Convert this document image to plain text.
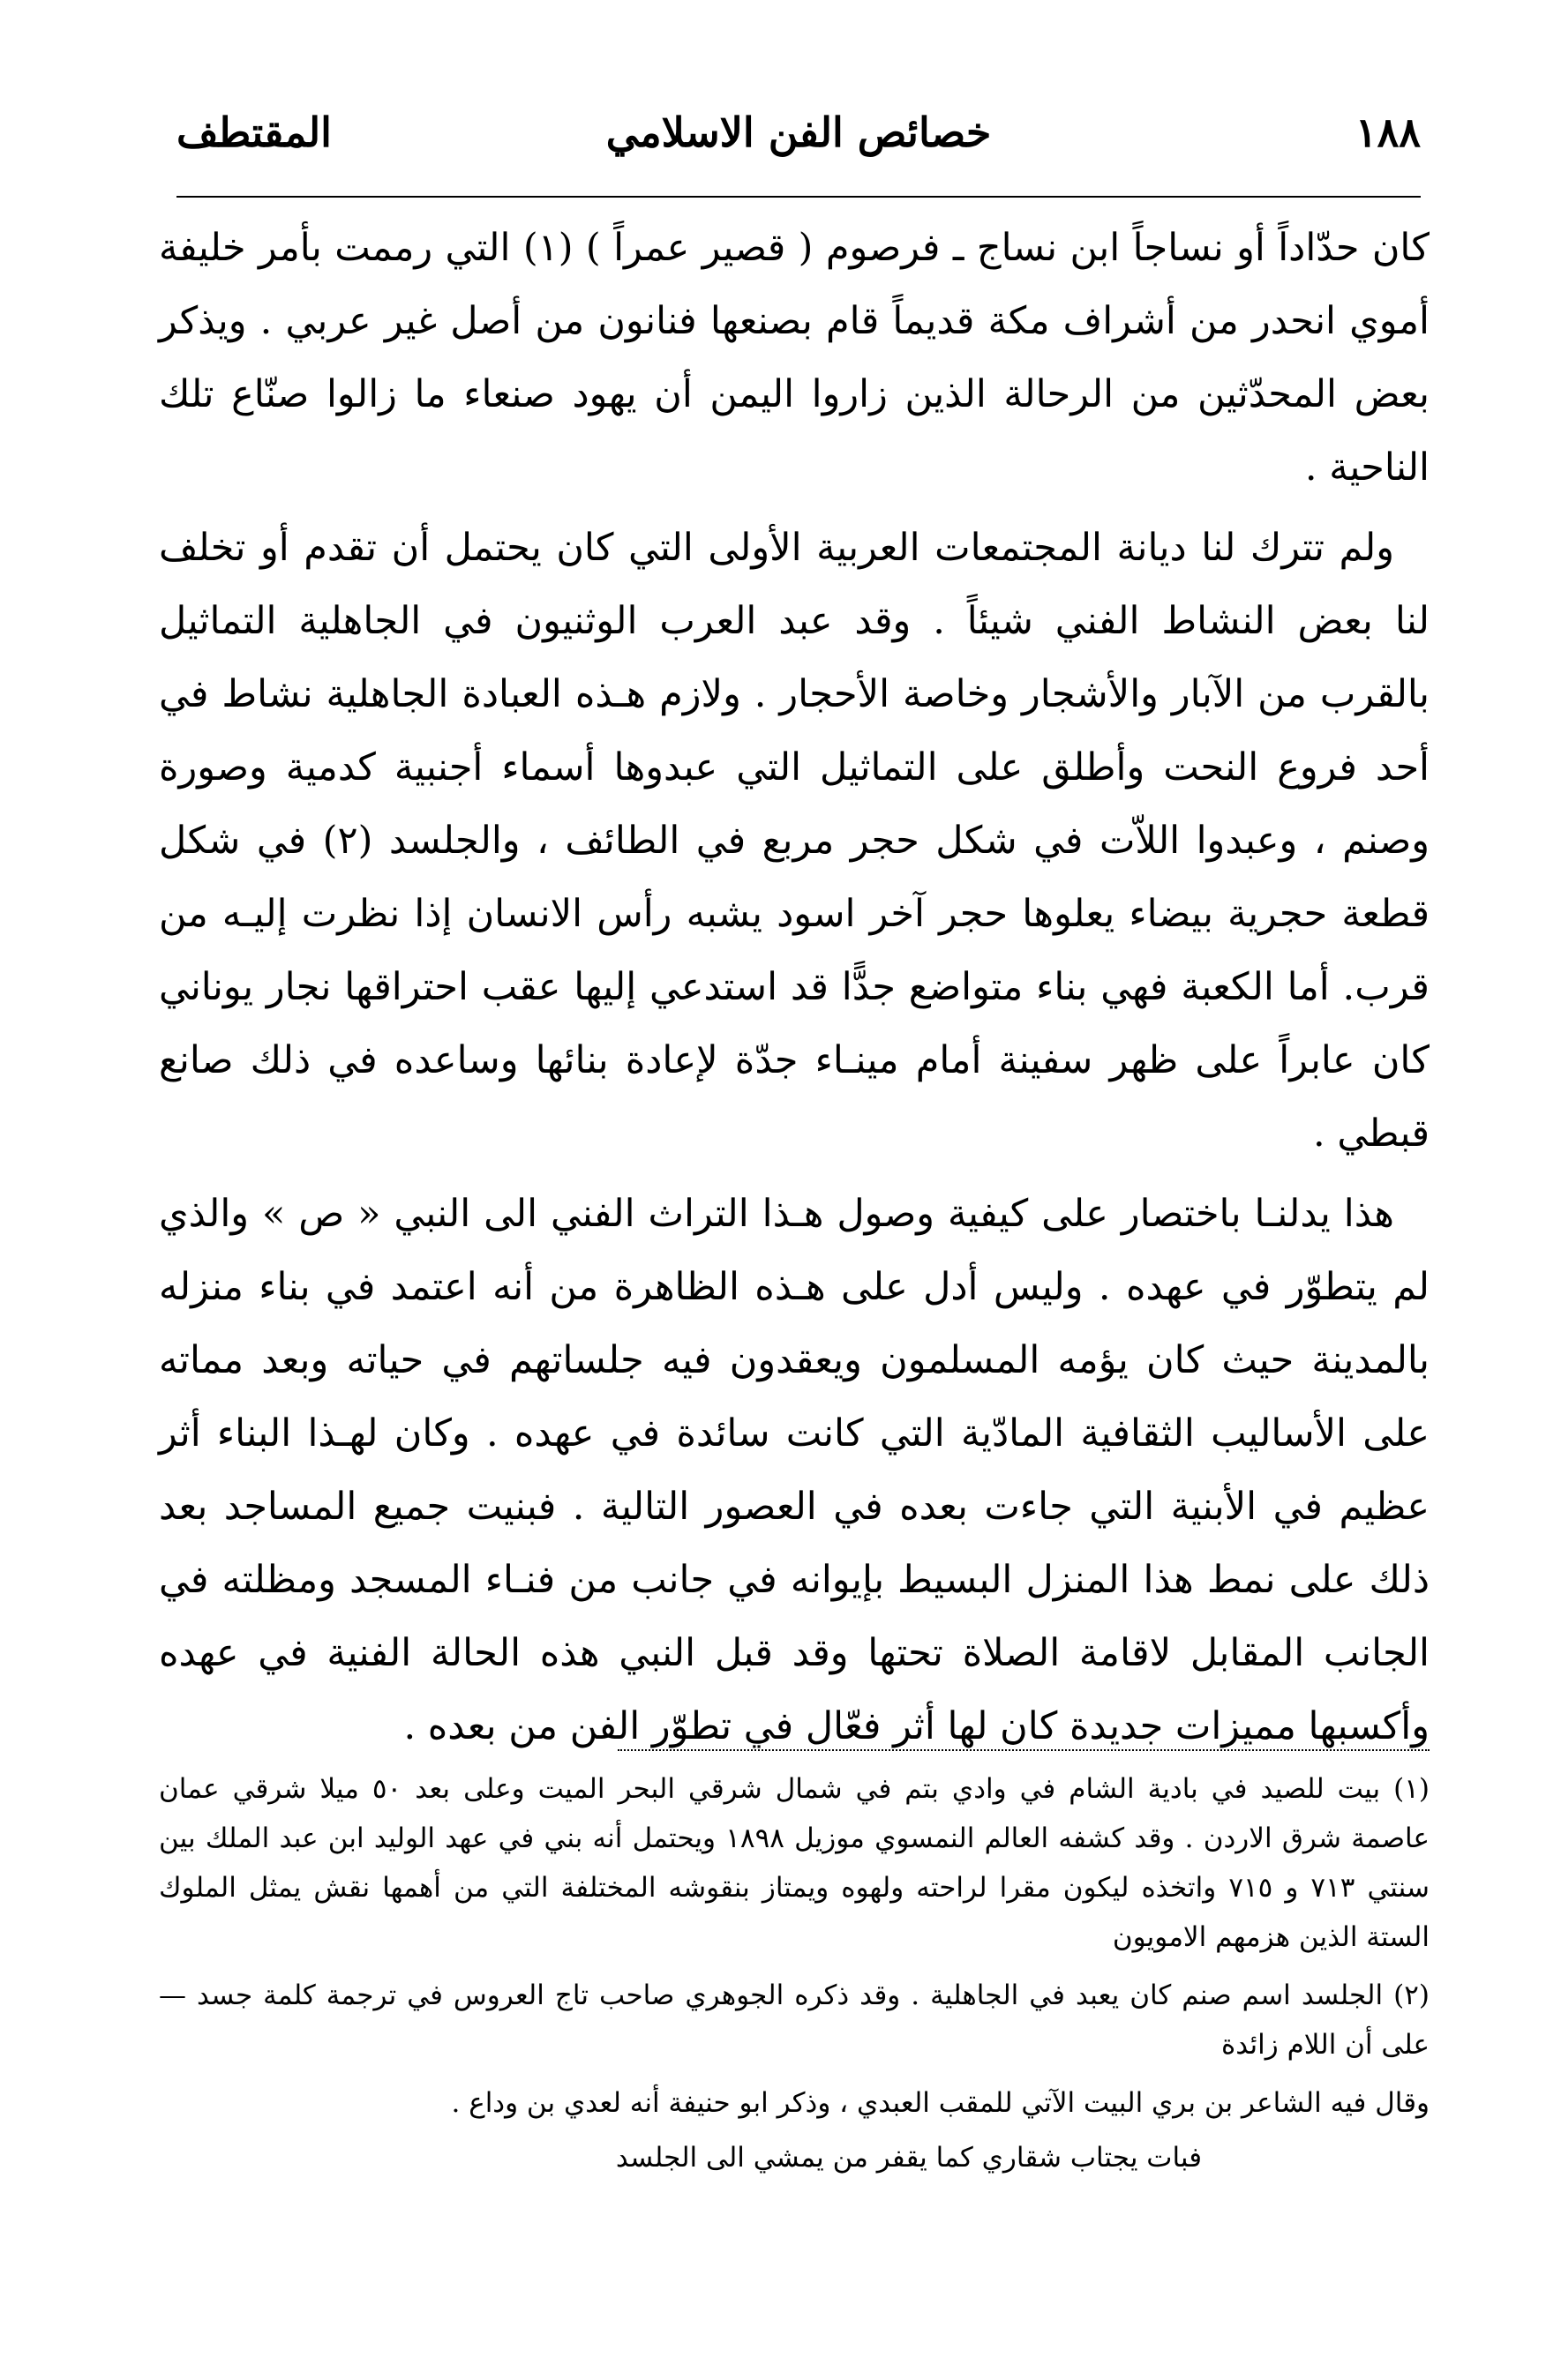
١٨٨
خصائص الفن الاسلامي
المقتطف

كان حدّاداً أو نساجاً ابن نساج ـ فرصوم ( قصير عمراً ) (١) التي رممت بأمر خليفة أموي انحدر من أشراف مكة قديماً قام بصنعها فنانون من أصل غير عربي . ويذكر بعض المحدّثين من الرحالة الذين زاروا اليمن أن يهود صنعاء ما زالوا صنّاع تلك الناحية .

ولم تترك لنا ديانة المجتمعات العربية الأولى التي كان يحتمل أن تقدم أو تخلف لنا بعض النشاط الفني شيئاً . وقد عبد العرب الوثنيون في الجاهلية التماثيل بالقرب من الآبار والأشجار وخاصة الأحجار . ولازم هـذه العبادة الجاهلية نشاط في أحد فروع النحت وأطلق على التماثيل التي عبدوها أسماء أجنبية كدمية وصورة وصنم ، وعبدوا اللاّت في شكل حجر مربع في الطائف ، والجلسد (٢) في شكل قطعة حجرية بيضاء يعلوها حجر آخر اسود يشبه رأس الانسان إذا نظرت إليـه من قرب. أما الكعبة فهي بناء متواضع جدًّا قد استدعي إليها عقب احتراقها نجار يوناني كان عابراً على ظهر سفينة أمام مينـاء جدّة لإعادة بنائها وساعده في ذلك صانع قبطي .

هذا يدلنـا باختصار على كيفية وصول هـذا التراث الفني الى النبي « ص » والذي لم يتطوّر في عهده . وليس أدل على هـذه الظاهرة من أنه اعتمد في بناء منزله بالمدينة حيث كان يؤمه المسلمون ويعقدون فيه جلساتهم في حياته وبعد مماته على الأساليب الثقافية المادّية التي كانت سائدة في عهده . وكان لهـذا البناء أثر عظيم في الأبنية التي جاءت بعده في العصور التالية . فبنيت جميع المساجد بعد ذلك على نمط هذا المنزل البسيط بإيوانه في جانب من فنـاء المسجد ومظلته في الجانب المقابل لاقامة الصلاة تحتها وقد قبل النبي هذه الحالة الفنية في عهده وأكسبها مميزات جديدة كان لها أثر فعّال في تطوّر الفن من بعده .

(١) بيت للصيد في بادية الشام في وادي بتم في شمال شرقي البحر الميت وعلى بعد ٥٠ ميلا شرقي عمان عاصمة شرق الاردن . وقد كشفه العالم النمسوي موزيل ١٨٩٨ ويحتمل أنه بني في عهد الوليد ابن عبد الملك بين سنتي ٧١٣ و ٧١٥ واتخذه ليكون مقرا لراحته ولهوه ويمتاز بنقوشه المختلفة التي من أهمها نقش يمثل الملوك الستة الذين هزمهم الامويون

(٢) الجلسد اسم صنم كان يعبد في الجاهلية . وقد ذكره الجوهري صاحب تاج العروس في ترجمة كلمة جسد — على أن اللام زائدة

وقال فيه الشاعر بن بري البيت الآتي للمقب العبدي ، وذكر ابو حنيفة أنه لعدي بن وداع .

فبات يجتاب شقاري كما يقفر من يمشي الى الجلسد
